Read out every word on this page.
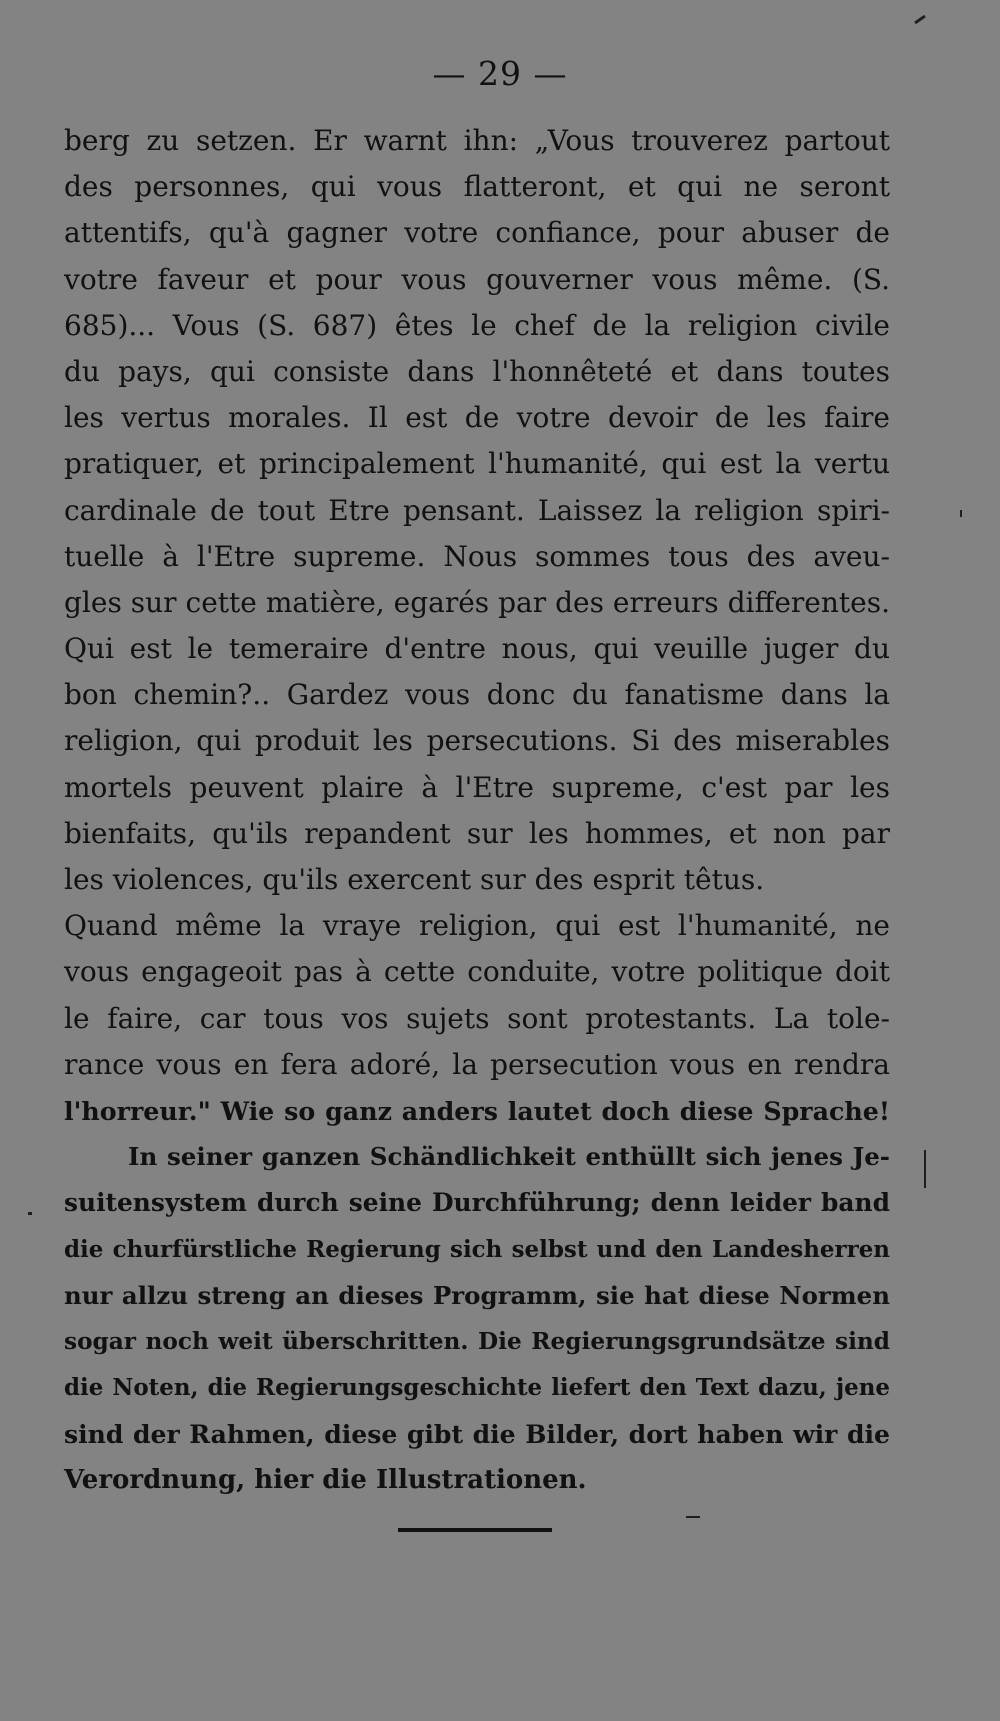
— 29 —
berg zu setzen. Er warnt ihn: „Vous trouverez partout
des personnes, qui vous flatteront, et qui ne seront
attentifs, qu'à gagner votre confiance, pour abuser de
votre faveur et pour vous gouverner vous même. (S.
685)... Vous (S. 687) êtes le chef de la religion civile
du pays, qui consiste dans l'honnêteté et dans toutes
les vertus morales. Il est de votre devoir de les faire
pratiquer, et principalement l'humanité, qui est la vertu
cardinale de tout Etre pensant. Laissez la religion spiri-
tuelle à l'Etre supreme. Nous sommes tous des aveu-
gles sur cette matière, egarés par des erreurs differentes.
Qui est le temeraire d'entre nous, qui veuille juger du
bon chemin?.. Gardez vous donc du fanatisme dans la
religion, qui produit les persecutions. Si des miserables
mortels peuvent plaire à l'Etre supreme, c'est par les
bienfaits, qu'ils repandent sur les hommes, et non par
les violences, qu'ils exercent sur des esprit têtus.
Quand même la vraye religion, qui est l'humanité, ne
vous engageoit pas à cette conduite, votre politique doit
le faire, car tous vos sujets sont protestants. La tole-
rance vous en fera adoré, la persecution vous en rendra
l'horreur." Wie so ganz anders lautet doch diese Sprache!
In seiner ganzen Schändlichkeit enthüllt sich jenes Je-
suitensystem durch seine Durchführung; denn leider band
die churfürstliche Regierung sich selbst und den Landesherren
nur allzu streng an dieses Programm, sie hat diese Normen
sogar noch weit überschritten. Die Regierungsgrundsätze sind
die Noten, die Regierungsgeschichte liefert den Text dazu, jene
sind der Rahmen, diese gibt die Bilder, dort haben wir die
Verordnung, hier die Illustrationen.
